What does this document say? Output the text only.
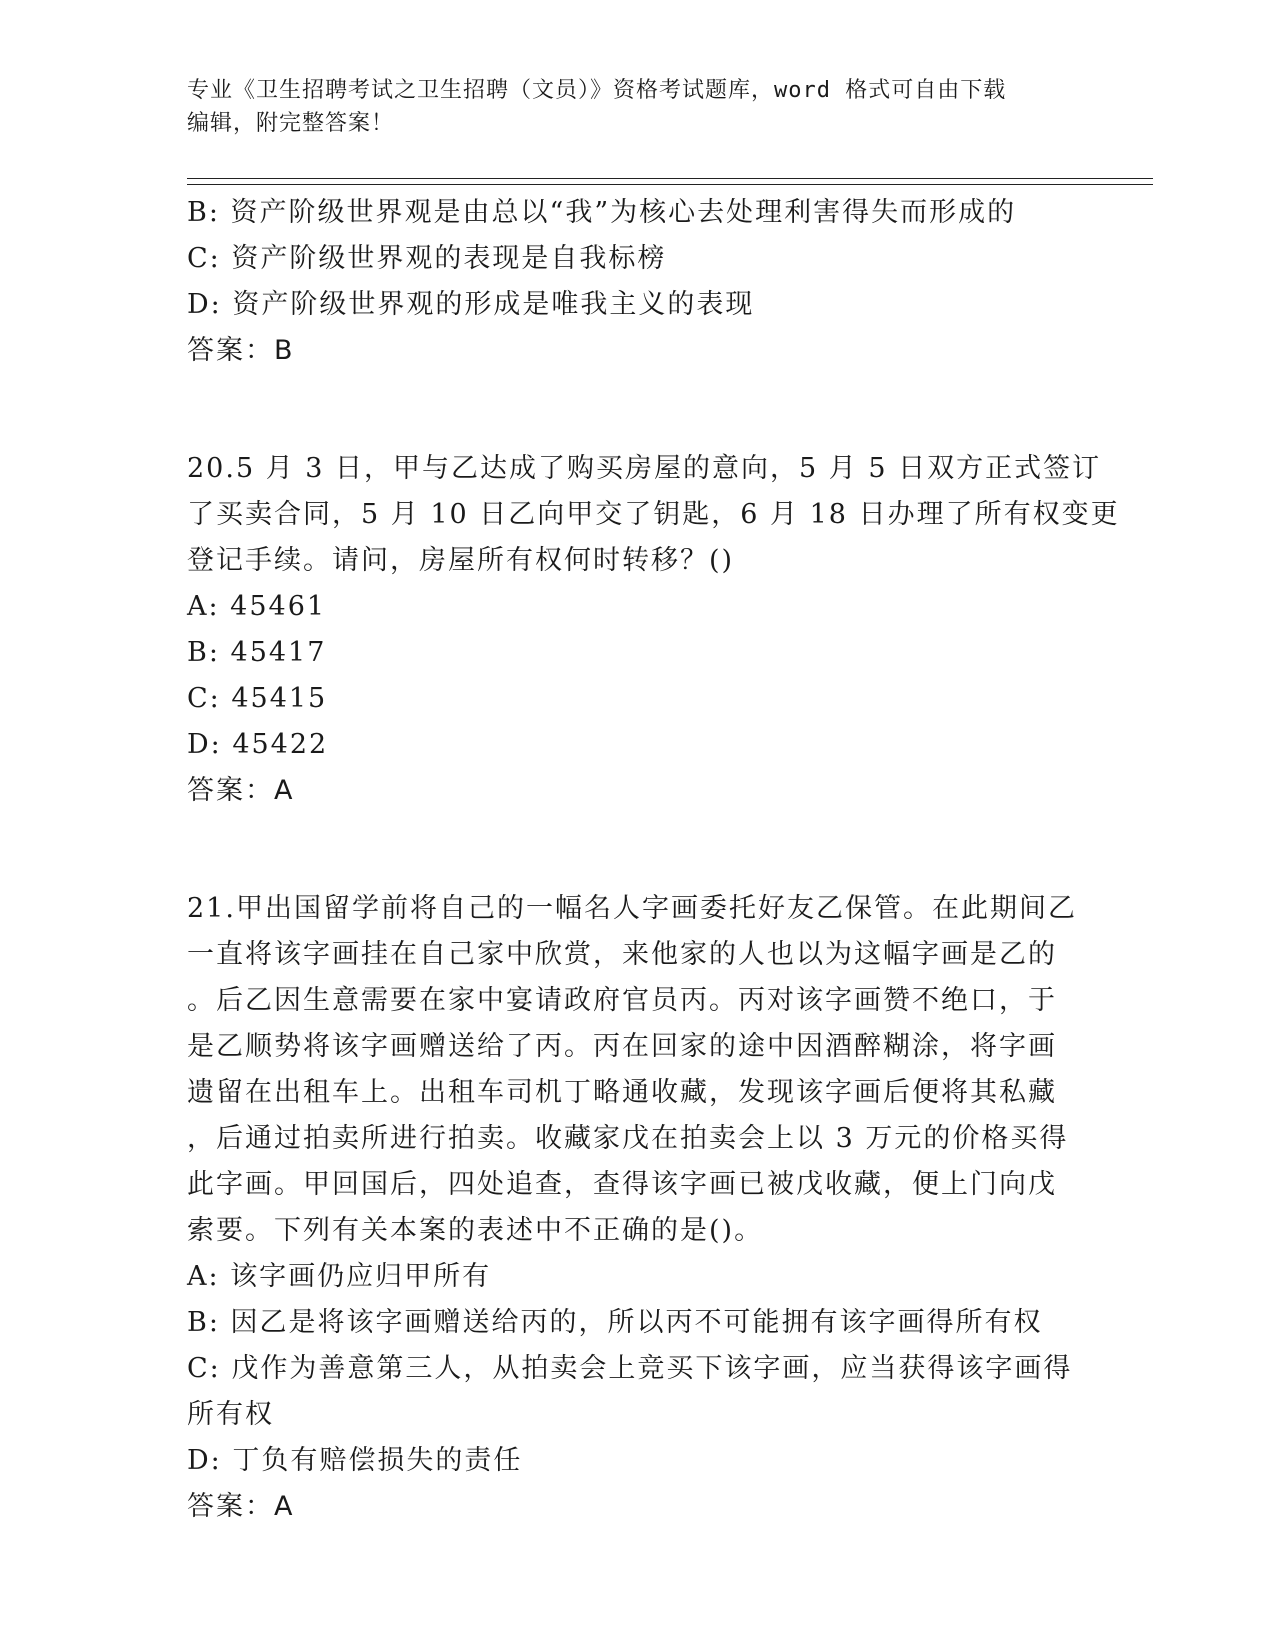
专业《卫生招聘考试之卫生招聘（文员）》资格考试题库，word 格式可自由下载
编辑，附完整答案！
B: 资产阶级世界观是由总以“我”为核心去处理利害得失而形成的
C: 资产阶级世界观的表现是自我标榜
D: 资产阶级世界观的形成是唯我主义的表现
答案：B
20.5 月 3 日，甲与乙达成了购买房屋的意向，5 月 5 日双方正式签订
了买卖合同，5 月 10 日乙向甲交了钥匙，6 月 18 日办理了所有权变更
登记手续。请问，房屋所有权何时转移？()
A: 45461
B: 45417
C: 45415
D: 45422
答案：A
21.甲出国留学前将自己的一幅名人字画委托好友乙保管。在此期间乙
一直将该字画挂在自己家中欣赏，来他家的人也以为这幅字画是乙的
。后乙因生意需要在家中宴请政府官员丙。丙对该字画赞不绝口，于
是乙顺势将该字画赠送给了丙。丙在回家的途中因酒醉糊涂，将字画
遗留在出租车上。出租车司机丁略通收藏，发现该字画后便将其私藏
，后通过拍卖所进行拍卖。收藏家戊在拍卖会上以 3 万元的价格买得
此字画。甲回国后，四处追查，查得该字画已被戊收藏，便上门向戊
索要。下列有关本案的表述中不正确的是()。
A: 该字画仍应归甲所有
B: 因乙是将该字画赠送给丙的，所以丙不可能拥有该字画得所有权
C: 戊作为善意第三人，从拍卖会上竞买下该字画，应当获得该字画得
所有权
D: 丁负有赔偿损失的责任
答案：A
